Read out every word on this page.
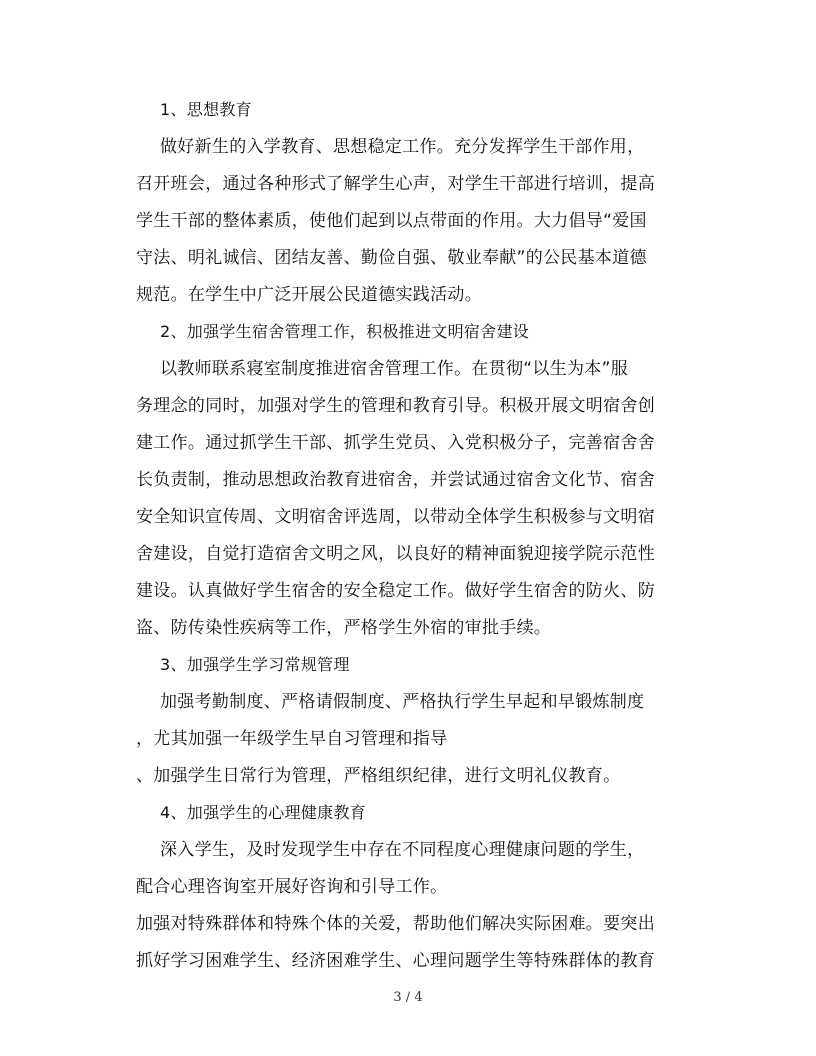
1、思想教育
做好新生的入学教育、思想稳定工作。充分发挥学生干部作用，
召开班会，通过各种形式了解学生心声，对学生干部进行培训，提高
学生干部的整体素质，使他们起到以点带面的作用。大力倡导“爱国
守法、明礼诚信、团结友善、勤俭自强、敬业奉献”的公民基本道德
规范。在学生中广泛开展公民道德实践活动。
2、加强学生宿舍管理工作，积极推进文明宿舍建设
以教师联系寝室制度推进宿舍管理工作。在贯彻“以生为本”服
务理念的同时，加强对学生的管理和教育引导。积极开展文明宿舍创
建工作。通过抓学生干部、抓学生党员、入党积极分子，完善宿舍舍
长负责制，推动思想政治教育进宿舍，并尝试通过宿舍文化节、宿舍
安全知识宣传周、文明宿舍评选周，以带动全体学生积极参与文明宿
舍建设，自觉打造宿舍文明之风，以良好的精神面貌迎接学院示范性
建设。认真做好学生宿舍的安全稳定工作。做好学生宿舍的防火、防
盗、防传染性疾病等工作，严格学生外宿的审批手续。
3、加强学生学习常规管理
加强考勤制度、严格请假制度、严格执行学生早起和早锻炼制度
，尤其加强一年级学生早自习管理和指导
、加强学生日常行为管理，严格组织纪律，进行文明礼仪教育。
4、加强学生的心理健康教育
深入学生，及时发现学生中存在不同程度心理健康问题的学生，
配合心理咨询室开展好咨询和引导工作。
加强对特殊群体和特殊个体的关爱，帮助他们解决实际困难。要突出
抓好学习困难学生、经济困难学生、心理问题学生等特殊群体的教育
3 / 4
